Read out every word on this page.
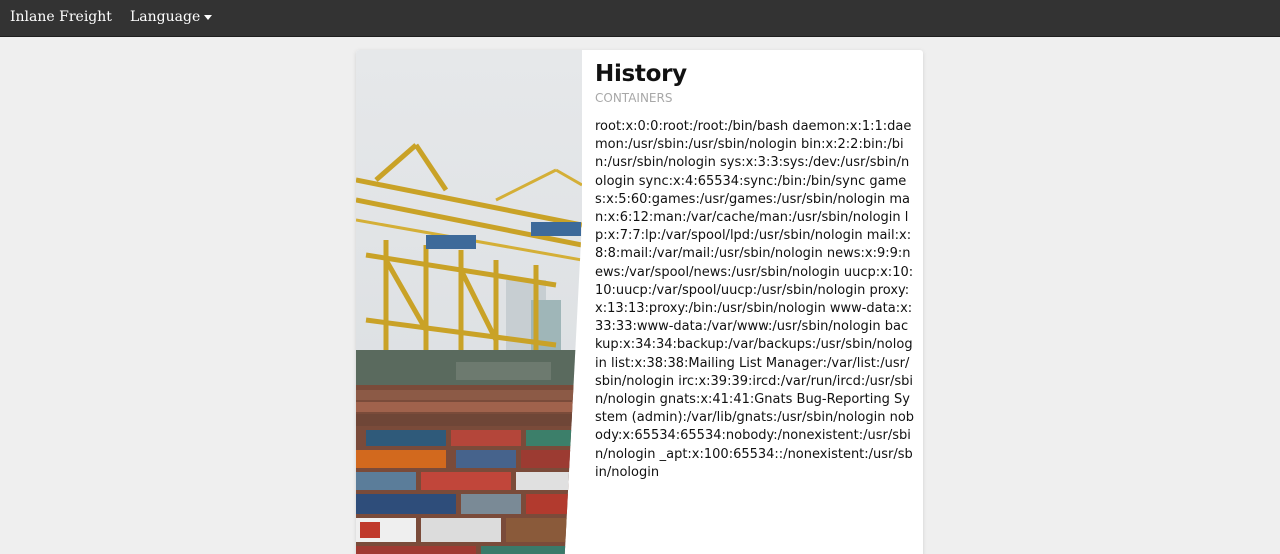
Inlane Freight Language
History
CONTAINERS

root:x:0:0:root:/root:/bin/bash daemon:x:1:1:daemon:/usr/sbin:/usr/sbin/nologin bin:x:2:2:bin:/bin:/usr/sbin/nologin sys:x:3:3:sys:/dev:/usr/sbin/nologin sync:x:4:65534:sync:/bin:/bin/sync games:x:5:60:games:/usr/games:/usr/sbin/nologin man:x:6:12:man:/var/cache/man:/usr/sbin/nologin lp:x:7:7:lp:/var/spool/lpd:/usr/sbin/nologin mail:x:8:8:mail:/var/mail:/usr/sbin/nologin news:x:9:9:news:/var/spool/news:/usr/sbin/nologin uucp:x:10:10:uucp:/var/spool/uucp:/usr/sbin/nologin proxy:x:13:13:proxy:/bin:/usr/sbin/nologin www-data:x:33:33:www-data:/var/www:/usr/sbin/nologin backup:x:34:34:backup:/var/backups:/usr/sbin/nologin list:x:38:38:Mailing List Manager:/var/list:/usr/sbin/nologin irc:x:39:39:ircd:/var/run/ircd:/usr/sbin/nologin gnats:x:41:41:Gnats Bug-Reporting System (admin):/var/lib/gnats:/usr/sbin/nologin nobody:x:65534:65534:nobody:/nonexistent:/usr/sbin/nologin _apt:x:100:65534::/nonexistent:/usr/sbin/nologin
